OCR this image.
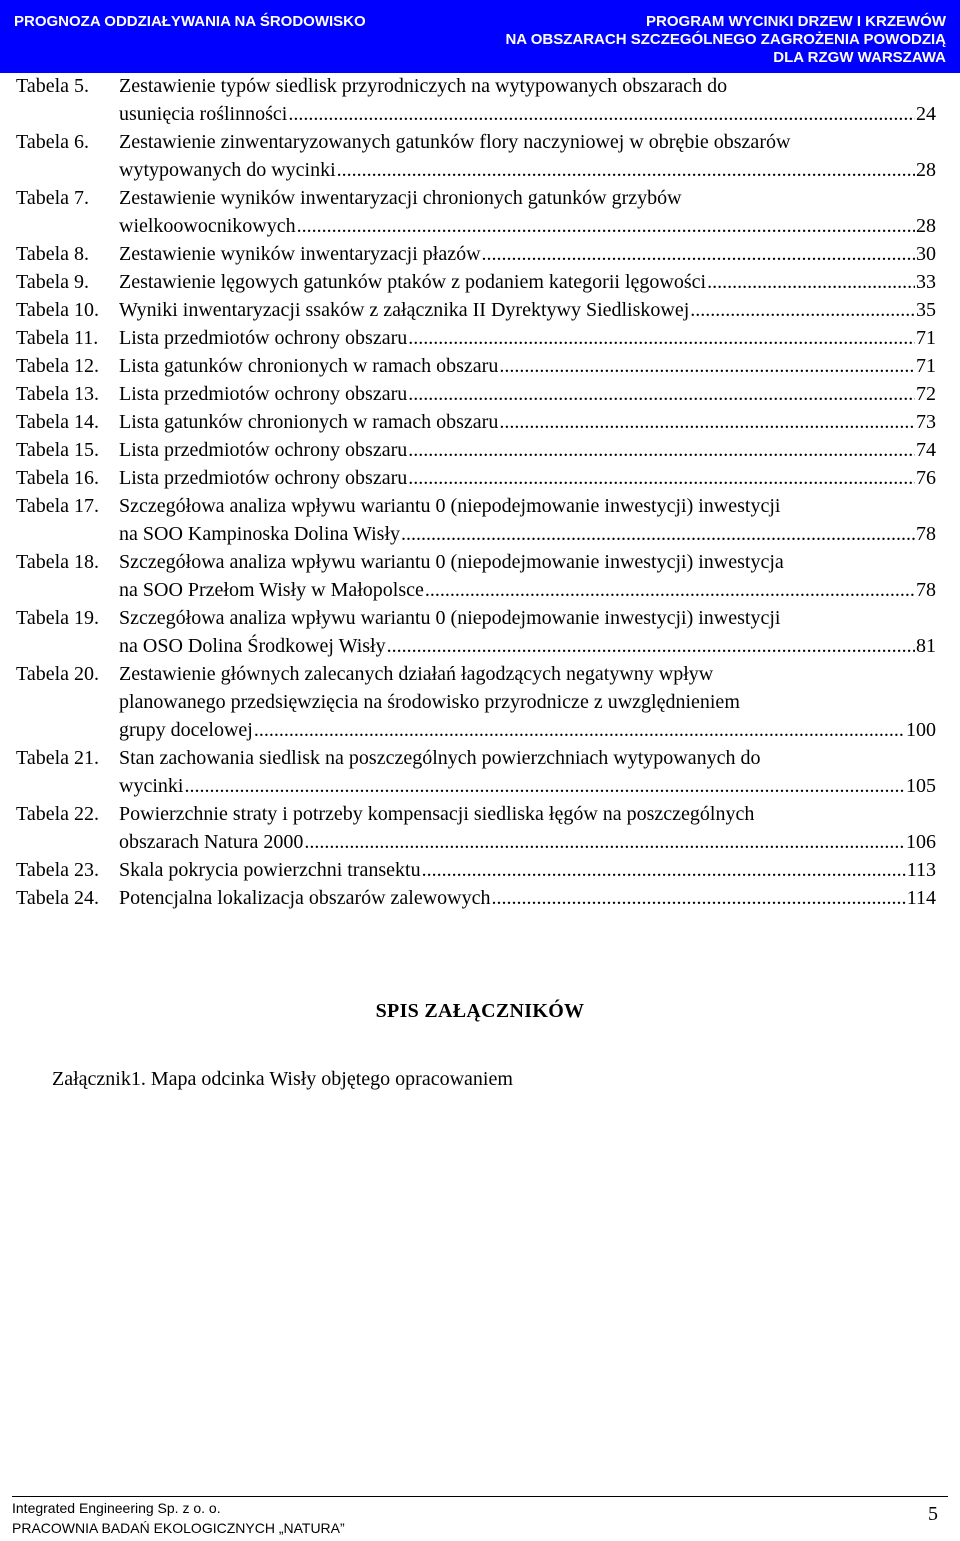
PROGNOZA ODDZIAŁYWANIA NA ŚRODOWISKO	PROGRAM WYCINKI DRZEW I KRZEWÓW
NA OBSZARACH SZCZEGÓLNEGO ZAGROŻENIA POWODZIĄ
DLA RZGW WARSZAWA
Tabela 5.	Zestawienie typów siedlisk przyrodniczych na wytypowanych obszarach do
usunięcia roślinności .....	24
Tabela 6.	Zestawienie zinwentaryzowanych gatunków flory naczyniowej w obrębie obszarów
wytypowanych do wycinki .....	28
Tabela 7.	Zestawienie wyników inwentaryzacji chronionych gatunków grzybów
wielkoowocnikowych .....	28
Tabela 8.	Zestawienie wyników inwentaryzacji płazów .....	30
Tabela 9.	Zestawienie lęgowych gatunków ptaków z podaniem kategorii lęgowości .....	33
Tabela 10. Wyniki inwentaryzacji ssaków z załącznika II Dyrektywy Siedliskowej .....	35
Tabela 11.	Lista przedmiotów ochrony obszaru .....	71
Tabela 12. Lista gatunków chronionych w ramach obszaru .....	71
Tabela 13. Lista przedmiotów ochrony obszaru .....	72
Tabela 14. Lista gatunków chronionych w ramach obszaru .....	73
Tabela 15. Lista przedmiotów ochrony obszaru .....	74
Tabela 16. Lista przedmiotów ochrony obszaru .....	76
Tabela 17. Szczegółowa analiza wpływu wariantu 0 (niepodejmowanie inwestycji) inwestycji
na SOO Kampinoska Dolina Wisły .....	78
Tabela 18. Szczegółowa analiza wpływu wariantu 0 (niepodejmowanie inwestycji) inwestycja
na SOO Przełom Wisły w Małopolsce .....	78
Tabela 19. Szczegółowa analiza wpływu wariantu 0 (niepodejmowanie inwestycji) inwestycji
na OSO Dolina Środkowej Wisły .....	81
Tabela 20. Zestawienie głównych zalecanych działań łagodzących negatywny wpływ
planowanego przedsięwzięcia na środowisko przyrodnicze z uwzględnieniem
grupy docelowej .....	100
Tabela 21. Stan zachowania siedlisk na poszczególnych powierzchniach wytypowanych do
wycinki .....	105
Tabela 22. Powierzchnie straty i potrzeby kompensacji siedliska łęgów na poszczególnych
obszarach Natura 2000 .....	106
Tabela 23. Skala pokrycia powierzchni transektu .....	113
Tabela 24. Potencjalna lokalizacja obszarów zalewowych .....	114
SPIS ZAŁĄCZNIKÓW
Załącznik1. Mapa odcinka Wisły objętego opracowaniem
Integrated Engineering Sp. z o. o.
PRACOWNIA BADAŃ EKOLOGICZNYCH „NATURA”
5
